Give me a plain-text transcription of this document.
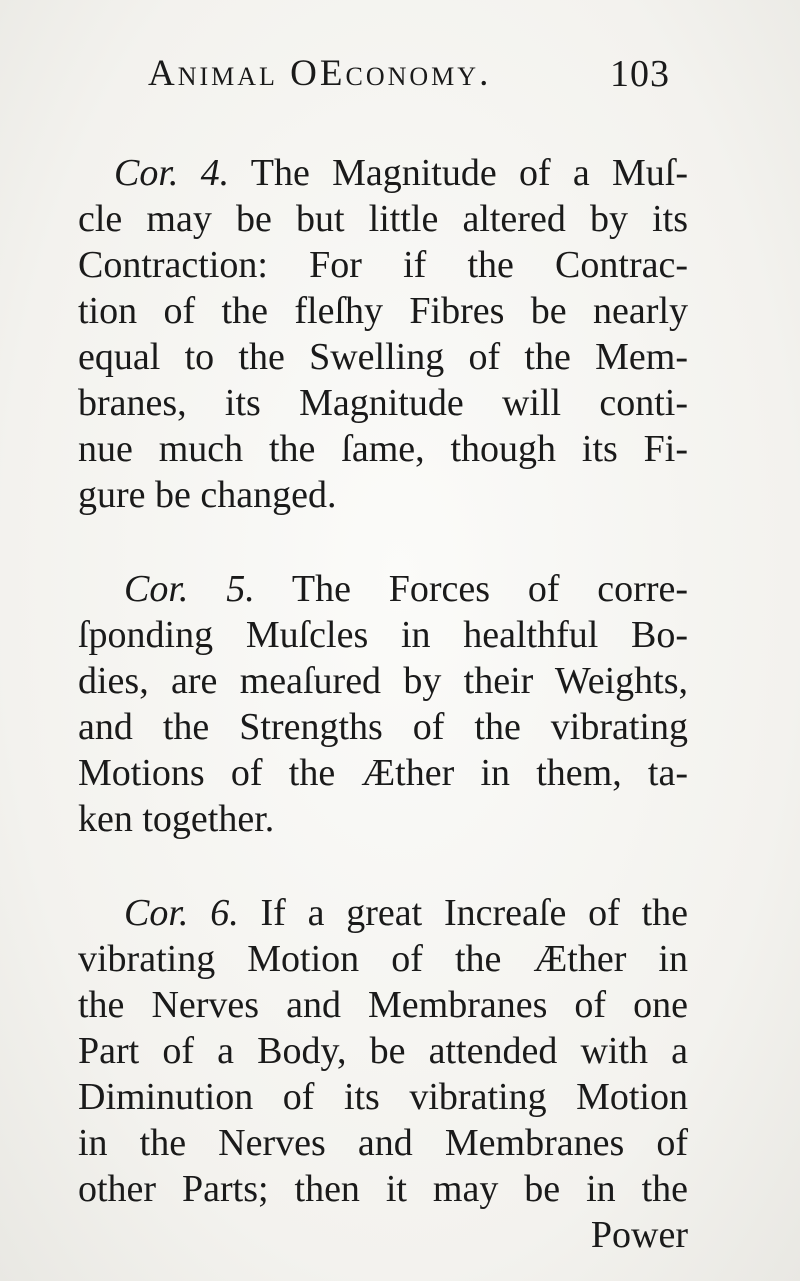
Animal OEconomy.	103
Cor. 4. The Magnitude of a Muſ-
cle may be but little altered by its
Contraction: For if the Contrac-
tion of the fleſhy Fibres be nearly
equal to the Swelling of the Mem-
branes, its Magnitude will conti-
nue much the ſame, though its Fi-
gure be changed.
Cor. 5. The Forces of corre-
ſponding Muſcles in healthful Bo-
dies, are meaſured by their Weights,
and the Strengths of the vibrating
Motions of the Æther in them, ta-
ken together.
Cor. 6. If a great Increaſe of the
vibrating Motion of the Æther in
the Nerves and Membranes of one
Part of a Body, be attended with a
Diminution of its vibrating Motion
in the Nerves and Membranes of
other Parts; then it may be in the
Power
